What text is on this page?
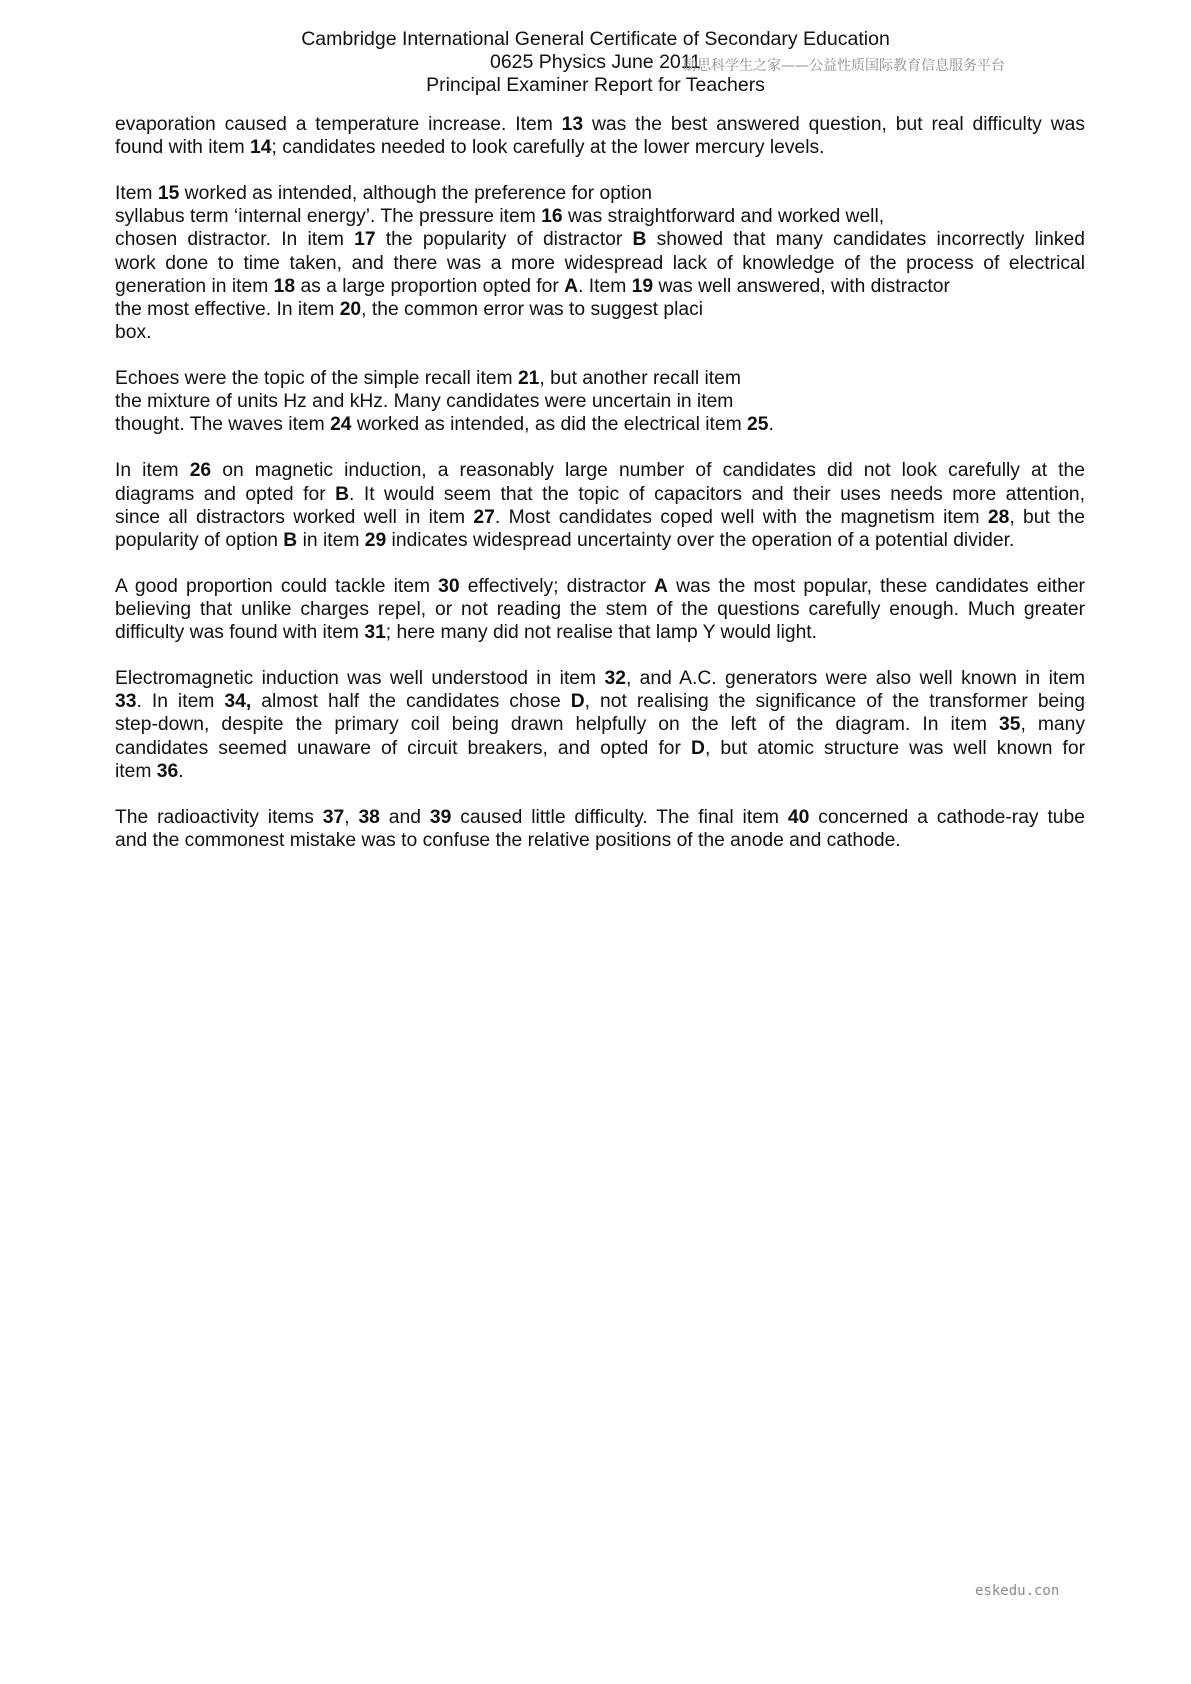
Cambridge International General Certificate of Secondary Education
0625 Physics June 2011
Principal Examiner Report for Teachers
励思科学生之家——公益性质国际教育信息服务平台
evaporation caused a temperature increase. Item 13 was the best answered question, but real difficulty was
found with item 14; candidates needed to look carefully at the lower mercury levels.
Item 15 worked as intended, although the preference for option
syllabus term ‘internal energy’. The pressure item 16 was straightforward and worked well,
chosen distractor. In item 17 the popularity of distractor B showed that many candidates incorrectly linked
work done to time taken, and there was a more widespread lack of knowledge of the process of electrical
generation in item 18 as a large proportion opted for A. Item 19 was well answered, with distractor
the most effective. In item 20, the common error was to suggest placi
box.
Echoes were the topic of the simple recall item 21, but another recall item
the mixture of units Hz and kHz. Many candidates were uncertain in item
thought. The waves item 24 worked as intended, as did the electrical item 25.
In item 26 on magnetic induction, a reasonably large number of candidates did not look carefully at the
diagrams and opted for B. It would seem that the topic of capacitors and their uses needs more attention,
since all distractors worked well in item 27. Most candidates coped well with the magnetism item 28, but the
popularity of option B in item 29 indicates widespread uncertainty over the operation of a potential divider.
A good proportion could tackle item 30 effectively; distractor A was the most popular, these candidates either
believing that unlike charges repel, or not reading the stem of the questions carefully enough. Much greater
difficulty was found with item 31; here many did not realise that lamp Y would light.
Electromagnetic induction was well understood in item 32, and A.C. generators were also well known in item
33. In item 34, almost half the candidates chose D, not realising the significance of the transformer being
step-down, despite the primary coil being drawn helpfully on the left of the diagram. In item 35, many
candidates seemed unaware of circuit breakers, and opted for D, but atomic structure was well known for
item 36.
The radioactivity items 37, 38 and 39 caused little difficulty. The final item 40 concerned a cathode-ray tube
and the commonest mistake was to confuse the relative positions of the anode and cathode.
eskedu.con
